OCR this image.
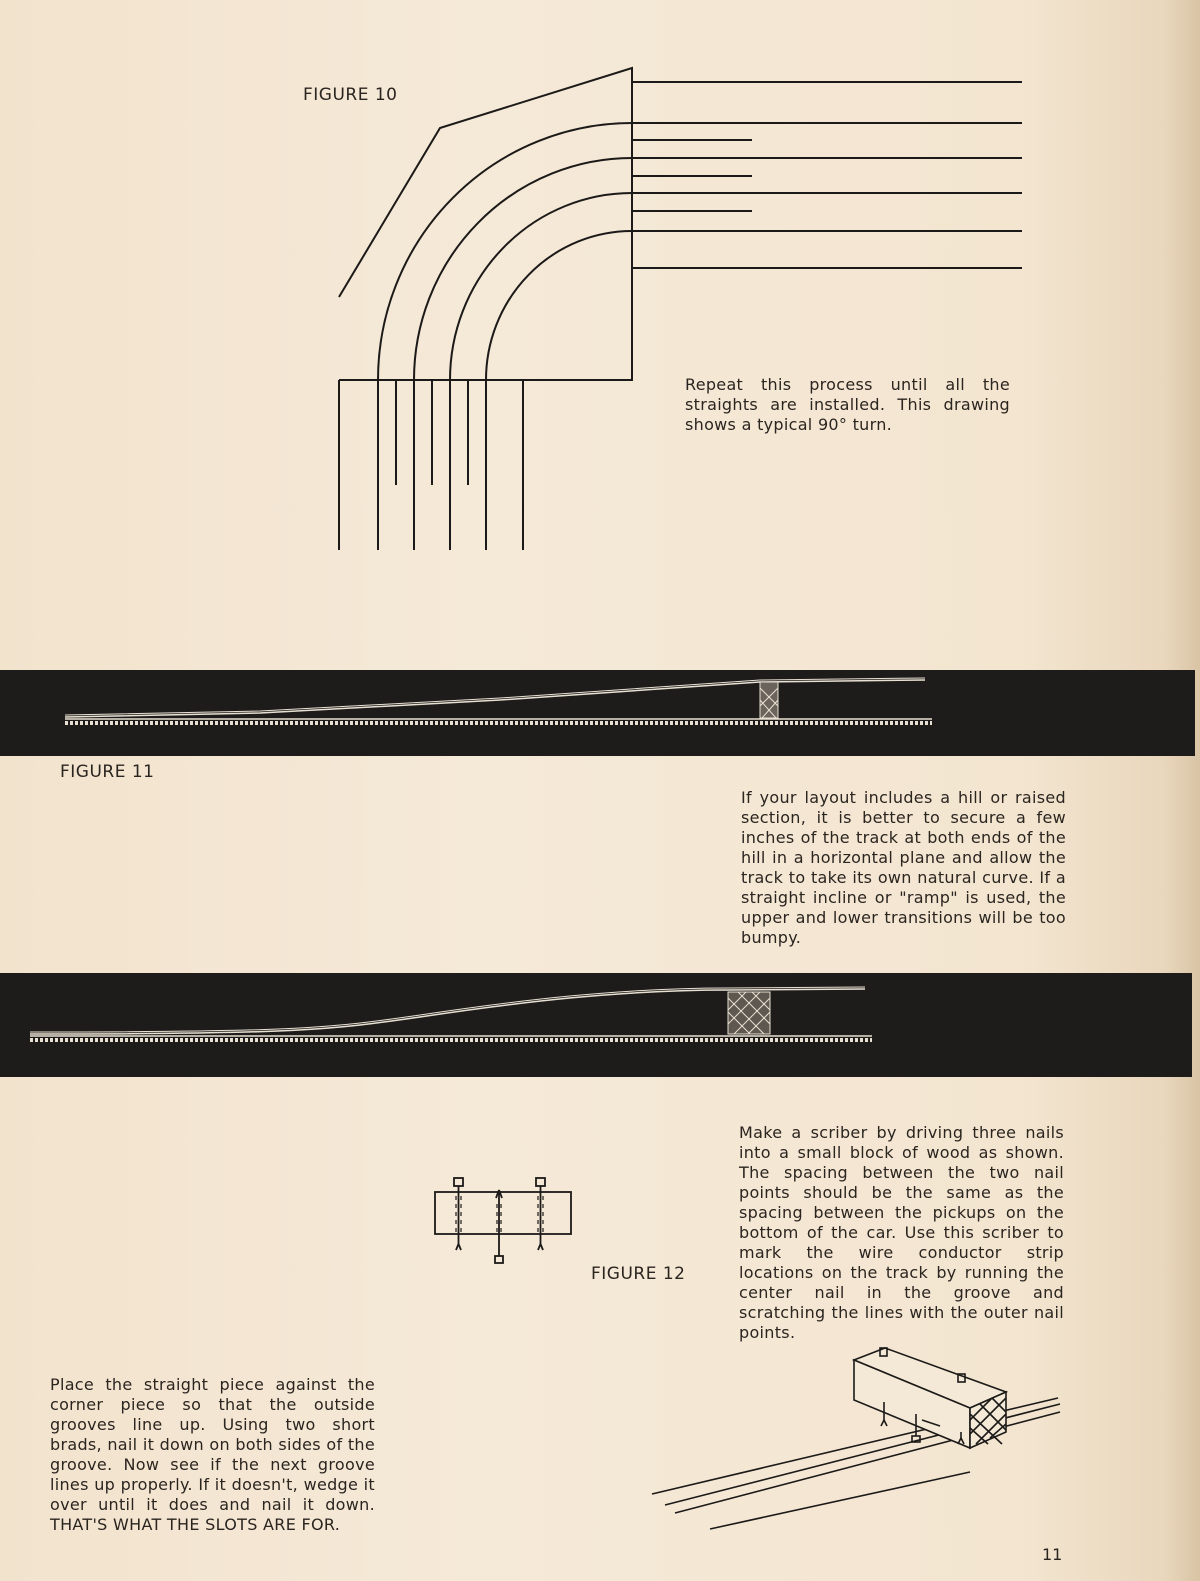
FIGURE 10
Repeat this process until all the straights are installed. This drawing shows a typical 90° turn.
FIGURE 11
If your layout includes a hill or raised section, it is better to secure a few inches of the track at both ends of the hill in a horizontal plane and allow the track to take its own natural curve. If a straight incline or "ramp" is used, the upper and lower transitions will be too bumpy.
Make a scriber by driving three nails into a small block of wood as shown. The spacing between the two nail points should be the same as the spacing between the pickups on the bottom of the car. Use this scriber to mark the wire conductor strip locations on the track by running the center nail in the groove and scratching the lines with the outer nail points.
FIGURE 12
Place the straight piece against the corner piece so that the outside grooves line up. Using two short brads, nail it down on both sides of the groove. Now see if the next groove lines up properly. If it doesn't, wedge it over until it does and nail it down. THAT'S WHAT THE SLOTS ARE FOR.
11
